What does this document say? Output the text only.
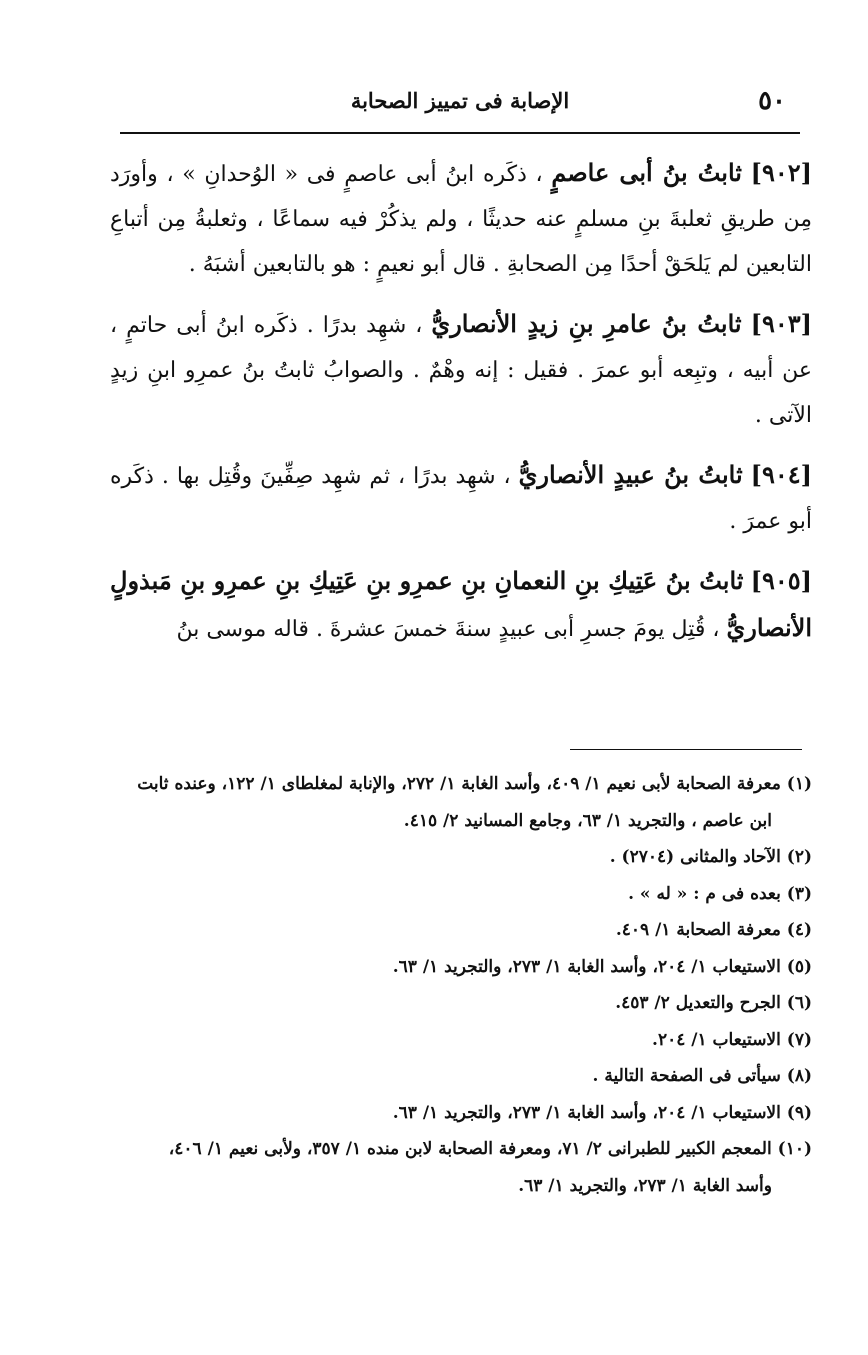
٥٠
الإصابة فى تمييز الصحابة

[٩٠٢] ثابتُ بنُ أبى عاصمٍ ، ذكَره ابنُ أبى عاصمٍ فى « الوُحدانِ » ، وأورَد مِن طريقِ ثعلبةَ بنِ مسلمٍ عنه حديثًا ، ولم يذكُرْ فيه سماعًا ، وثعلبةُ مِن أتباعِ التابعين لم يَلحَقْ أحدًا مِن الصحابةِ . قال أبو نعيمٍ : هو بالتابعين أشبَهُ .

[٩٠٣] ثابتُ بنُ عامرِ بنِ زيدٍ الأنصاريُّ ، شهِد بدرًا . ذكَره ابنُ أبى حاتمٍ ، عن أبيه ، وتبِعه أبو عمرَ . فقيل : إنه وهْمٌ . والصوابُ ثابتُ بنُ عمرِو ابنِ زيدٍ الآتى .

[٩٠٤] ثابتُ بنُ عبيدٍ الأنصاريُّ ، شهِد بدرًا ، ثم شهِد صِفِّينَ وقُتِل بها . ذكَره أبو عمرَ .

[٩٠٥] ثابتُ بنُ عَتِيكِ بنِ النعمانِ بنِ عمرِو بنِ عَتِيكِ بنِ عمرِو بنِ مَبذولٍ الأنصاريُّ ، قُتِل يومَ جسرِ أبى عبيدٍ سنةَ خمسَ عشرةَ . قاله موسى بنُ

(١) معرفة الصحابة لأبى نعيم ١/ ٤٠٩، وأسد الغابة ١/ ٢٧٢، والإنابة لمغلطاى ١/ ١٢٢، وعنده ثابت

ابن عاصم ، والتجريد ١/ ٦٣، وجامع المسانيد ٢/ ٤١٥.

(٢) الآحاد والمثانى (٢٧٠٤) .

(٣) بعده فى م : « له » .

(٤) معرفة الصحابة ١/ ٤٠٩.

(٥) الاستيعاب ١/ ٢٠٤، وأسد الغابة ١/ ٢٧٣، والتجريد ١/ ٦٣.

(٦) الجرح والتعديل ٢/ ٤٥٣.

(٧) الاستيعاب ١/ ٢٠٤.

(٨) سيأتى فى الصفحة التالية .

(٩) الاستيعاب ١/ ٢٠٤، وأسد الغابة ١/ ٢٧٣، والتجريد ١/ ٦٣.

(١٠) المعجم الكبير للطبرانى ٢/ ٧١، ومعرفة الصحابة لابن منده ١/ ٣٥٧، ولأبى نعيم ١/ ٤٠٦،

وأسد الغابة ١/ ٢٧٣، والتجريد ١/ ٦٣.
